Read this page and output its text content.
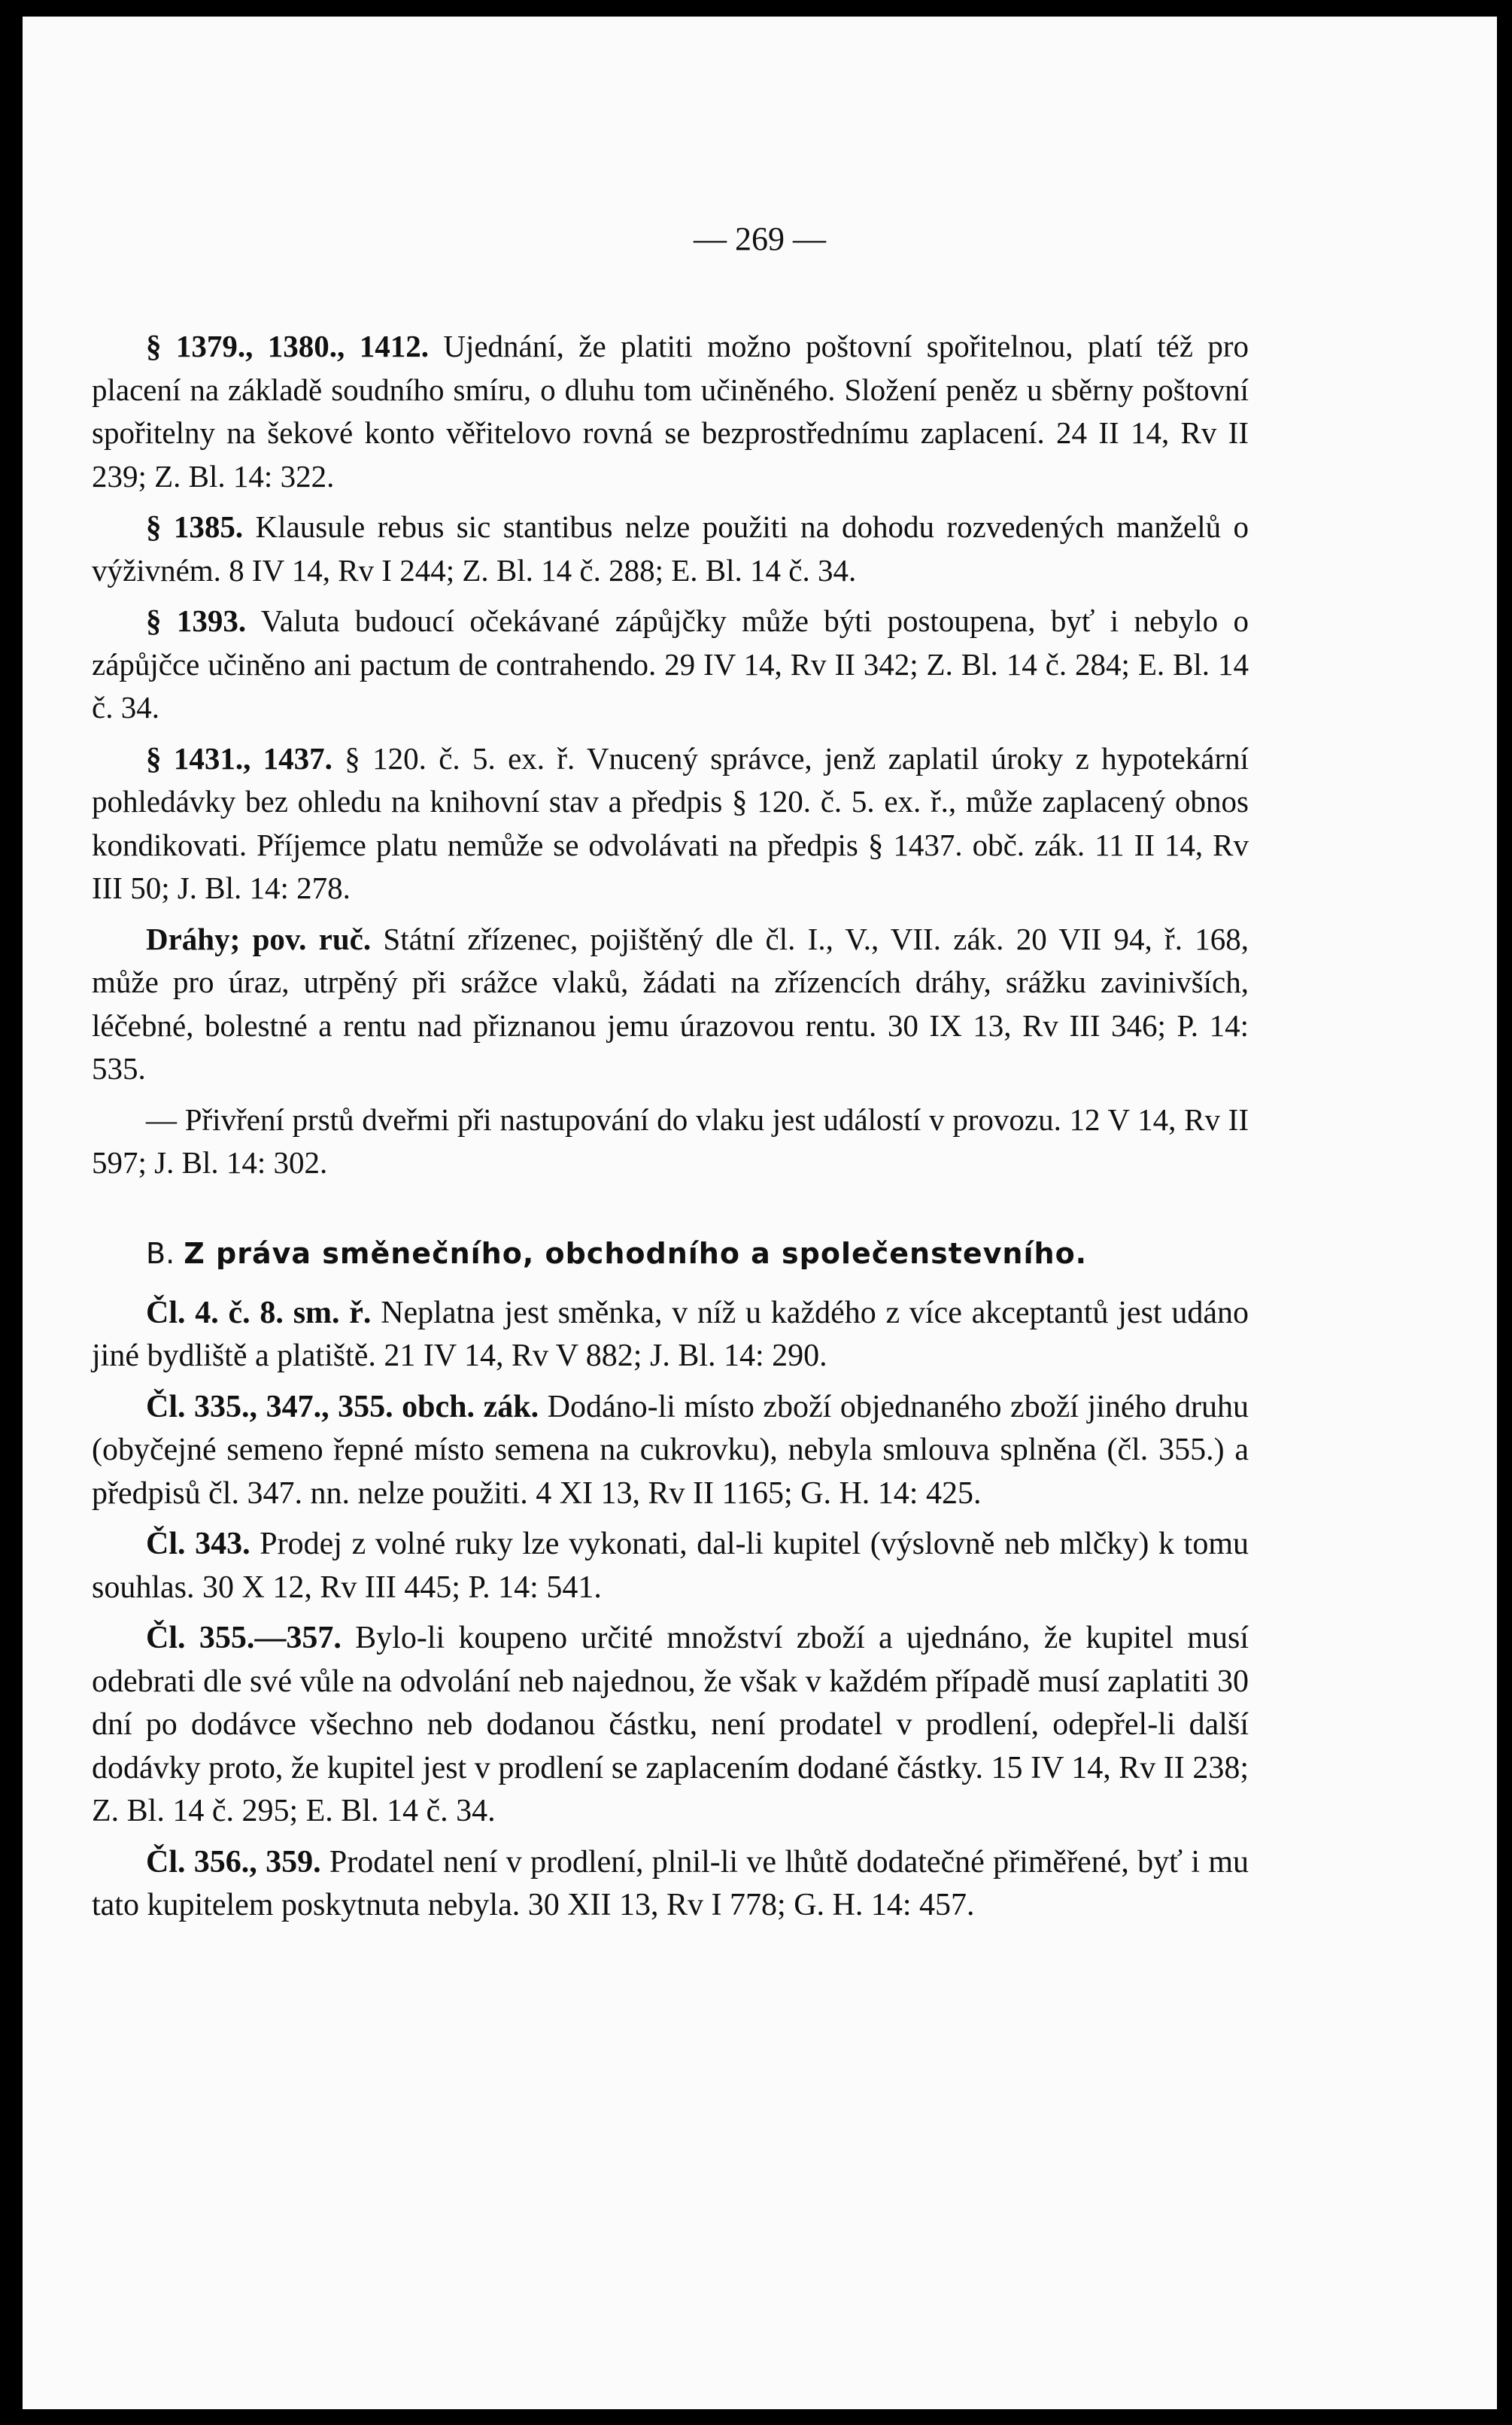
— 269 —

§ 1379., 1380., 1412. Ujednání, že platiti možno poštovní spořitelnou, platí též pro placení na základě soudního smíru, o dluhu tom učiněného. Složení peněz u sběrny poštovní spořitelny na šekové konto věřitelovo rovná se bezprostřednímu zaplacení. 24 II 14, Rv II 239; Z. Bl. 14: 322.

§ 1385. Klausule rebus sic stantibus nelze použiti na dohodu rozvedených manželů o výživném. 8 IV 14, Rv I 244; Z. Bl. 14 č. 288; E. Bl. 14 č. 34.

§ 1393. Valuta budoucí očekávané zápůjčky může býti postoupena, byť i nebylo o zápůjčce učiněno ani pactum de contrahendo. 29 IV 14, Rv II 342; Z. Bl. 14 č. 284; E. Bl. 14 č. 34.

§ 1431., 1437. § 120. č. 5. ex. ř. Vnucený správce, jenž zaplatil úroky z hypotekární pohledávky bez ohledu na knihovní stav a předpis § 120. č. 5. ex. ř., může zaplacený obnos kondikovati. Příjemce platu nemůže se odvolávati na předpis § 1437. obč. zák. 11 II 14, Rv III 50; J. Bl. 14: 278.

Dráhy; pov. ruč. Státní zřízenec, pojištěný dle čl. I., V., VII. zák. 20 VII 94, ř. 168, může pro úraz, utrpěný při srážce vlaků, žádati na zřízencích dráhy, srážku zavinivších, léčebné, bolestné a rentu nad přiznanou jemu úrazovou rentu. 30 IX 13, Rv III 346; P. 14: 535.

— Přivření prstů dveřmi při nastupování do vlaku jest událostí v provozu. 12 V 14, Rv II 597; J. Bl. 14: 302.

B. Z práva směnečního, obchodního a společenstevního.

Čl. 4. č. 8. sm. ř. Neplatna jest směnka, v níž u každého z více akceptantů jest udáno jiné bydliště a platiště. 21 IV 14, Rv V 882; J. Bl. 14: 290.

Čl. 335., 347., 355. obch. zák. Dodáno-li místo zboží objednaného zboží jiného druhu (obyčejné semeno řepné místo semena na cukrovku), nebyla smlouva splněna (čl. 355.) a předpisů čl. 347. nn. nelze použiti. 4 XI 13, Rv II 1165; G. H. 14: 425.

Čl. 343. Prodej z volné ruky lze vykonati, dal-li kupitel (výslovně neb mlčky) k tomu souhlas. 30 X 12, Rv III 445; P. 14: 541.

Čl. 355.—357. Bylo-li koupeno určité množství zboží a ujednáno, že kupitel musí odebrati dle své vůle na odvolání neb najednou, že však v každém případě musí zaplatiti 30 dní po dodávce všechno neb dodanou částku, není prodatel v prodlení, odepřel-li další dodávky proto, že kupitel jest v prodlení se zaplacením dodané částky. 15 IV 14, Rv II 238; Z. Bl. 14 č. 295; E. Bl. 14 č. 34.

Čl. 356., 359. Prodatel není v prodlení, plnil-li ve lhůtě dodatečné přiměřené, byť i mu tato kupitelem poskytnuta nebyla. 30 XII 13, Rv I 778; G. H. 14: 457.
